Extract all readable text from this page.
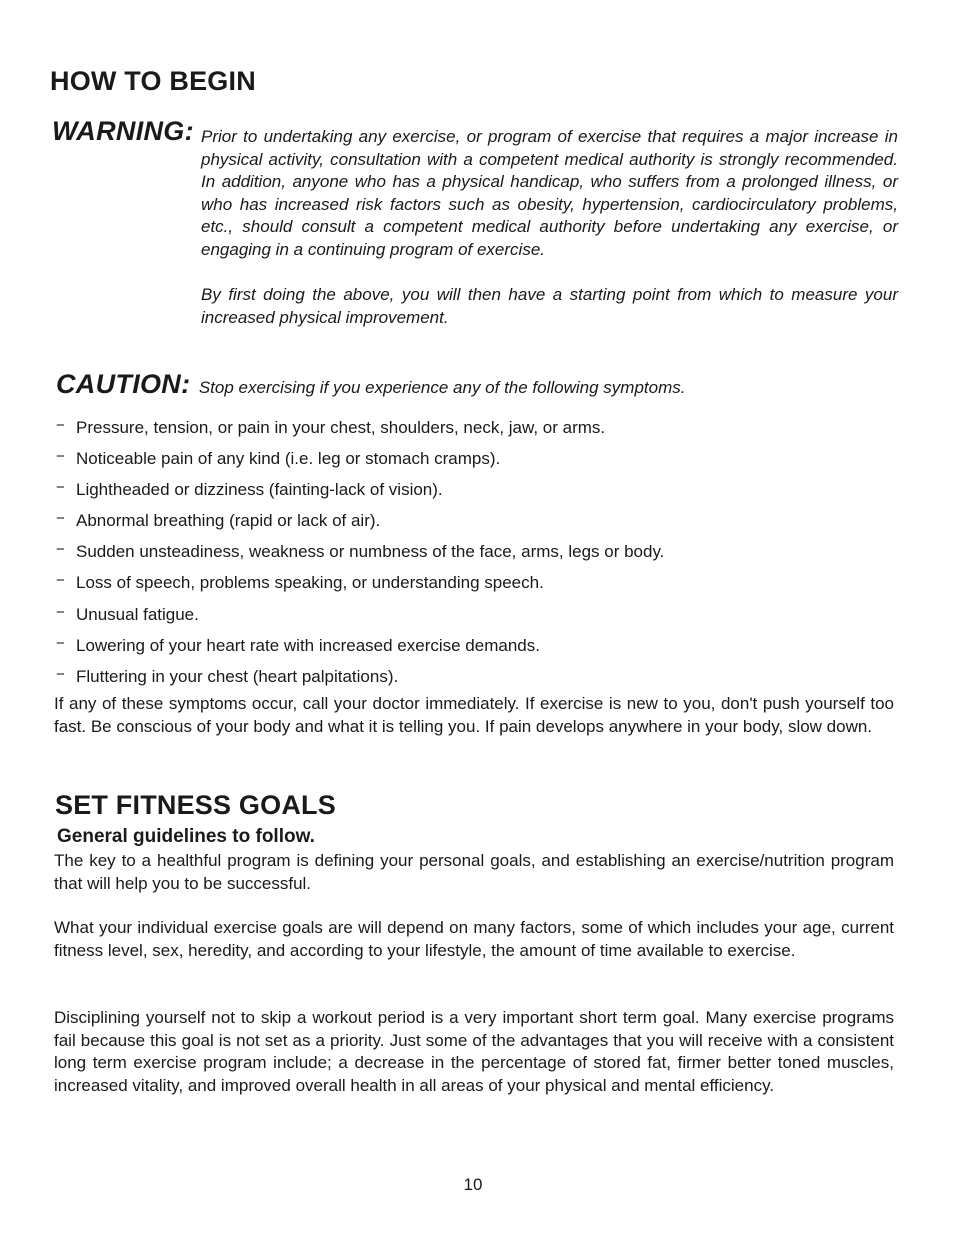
HOW TO BEGIN
WARNING: Prior to undertaking any exercise, or program of exercise that requires a major increase in physical activity, consultation with a competent medical authority is strongly recommended. In addition, anyone who has a physical handicap, who suffers from a prolonged illness, or who has increased risk factors such as obesity, hypertension, cardiocirculatory problems, etc., should consult a competent medical authority before undertaking any exercise, or engaging in a continuing program of exercise.

By first doing the above, you will then have a starting point from which to measure your increased physical improvement.

CAUTION: Stop exercising if you experience any of the following symptoms.
− Pressure, tension, or pain in your chest, shoulders, neck, jaw, or arms.
− Noticeable pain of any kind (i.e. leg or stomach cramps).
− Lightheaded or dizziness (fainting-lack of vision).
− Abnormal breathing (rapid or lack of air).
− Sudden unsteadiness, weakness or numbness of the face, arms, legs or body.
− Loss of speech, problems speaking, or understanding speech.
− Unusual fatigue.
− Lowering of your heart rate with increased exercise demands.
− Fluttering in your chest (heart palpitations).

If any of these symptoms occur, call your doctor immediately. If exercise is new to you, don't push yourself too fast. Be conscious of your body and what it is telling you. If pain develops anywhere in your body, slow down.

SET FITNESS GOALS
General guidelines to follow.

The key to a healthful program is defining your personal goals, and establishing an exercise/nutrition program that will help you to be successful.

What your individual exercise goals are will depend on many factors, some of which includes your age, current fitness level, sex, heredity, and according to your lifestyle, the amount of time available to exercise.

Disciplining yourself not to skip a workout period is a very important short term goal. Many exercise programs fail because this goal is not set as a priority. Just some of the advantages that you will receive with a consistent long term exercise program include; a decrease in the percentage of stored fat, firmer better toned muscles, increased vitality, and improved overall health in all areas of your physical and mental efficiency.

10
